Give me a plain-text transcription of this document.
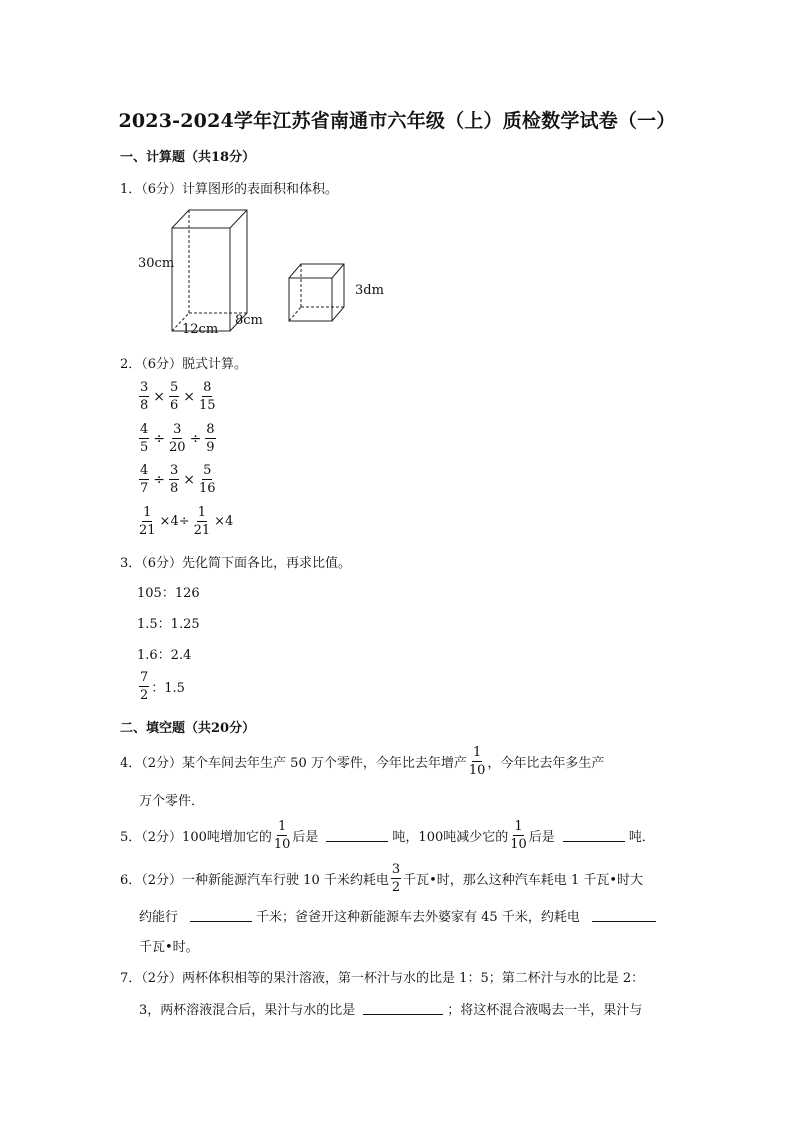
2023-2024学年江苏省南通市六年级（上）质检数学试卷（一）
一、计算题（共18分）
1．（6分）计算图形的表面积和体积。
30cm
12cm
8cm
3dm
2．（6分）脱式计算。
$\frac{3}{8} \times \frac{5}{6} \times \frac{8}{15}$
$\frac{4}{5} \div \frac{3}{20} \div \frac{8}{9}$
$\frac{4}{7} \div \frac{3}{8} \times \frac{5}{16}$
$\frac{1}{21} \times 4\div \frac{1}{21} \times 4$
3．（6分）先化简下面各比，再求比值。
105：126
1.5：1.25
1.6：2.4
$\frac{7}{2}$ ：1.5
二、填空题（共20分）
4．（2分）某个车间去年生产 50 万个零件，今年比去年增产 $\frac{1}{10}$ ，今年比去年多生产
万个零件．
5．（2分）100吨增加它的 $\frac{1}{10}$ 后是	吨，100吨减少它的 $\frac{1}{10}$ 后是	吨．
6．（2分）一种新能源汽车行驶 10 千米约耗电 $\frac{3}{2}$ 千瓦•时，那么这种汽车耗电 1 千瓦•时大
约能行	千米；爸爸开这种新能源车去外婆家有 45 千米，约耗电
千瓦•时。
7．（2分）两杯体积相等的果汁溶液，第一杯汁与水的比是 1：5；第二杯汁与水的比是 2：
3，两杯溶液混合后，果汁与水的比是	；将这杯混合液喝去一半，果汁与
